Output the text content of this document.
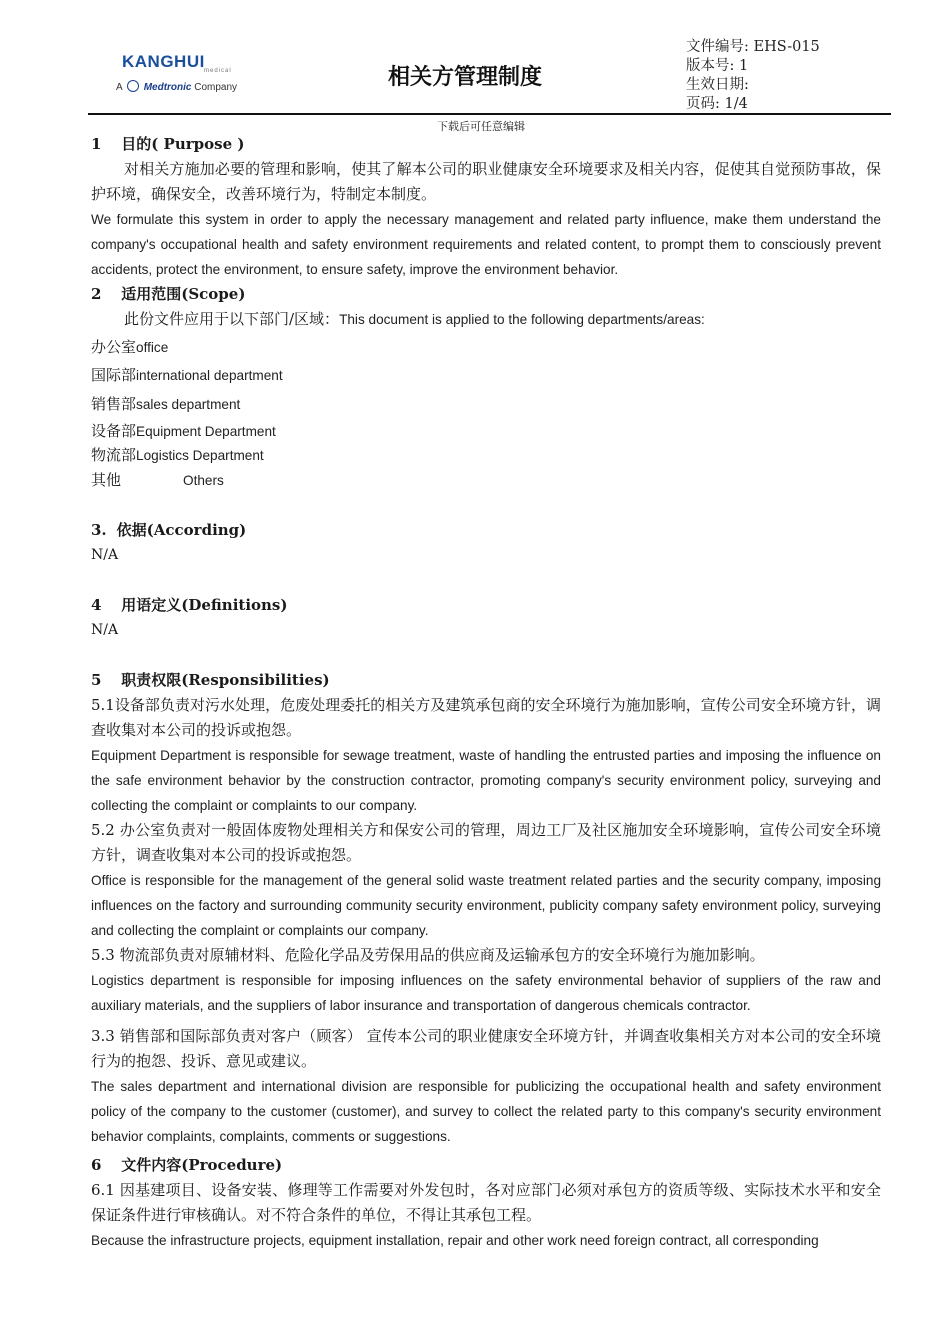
KANGHUI medical
A Medtronic Company	相关方管理制度
文件编号: EHS-015
版本号: 1
生效日期:
页码: 1/4
下载后可任意编辑
1 目的( Purpose )
对相关方施加必要的管理和影响，使其了解本公司的职业健康安全环境要求及相关内容，促使其自觉预防事故，保护环境，确保安全，改善环境行为，特制定本制度。
We formulate this system in order to apply the necessary management and related party influence, make them understand the company's occupational health and safety environment requirements and related content, to prompt them to consciously prevent accidents, protect the environment, to ensure safety, improve the environment behavior.
2 适用范围(Scope)
此份文件应用于以下部门/区域：This document is applied to the following departments/areas:
办公室office
国际部international department
销售部sales department
设备部Equipment Department
物流部Logistics Department
其他	Others
3. 依据(According)
N/A
4 用语定义(Definitions)
N/A
5 职责权限(Responsibilities)
5.1设备部负责对污水处理，危废处理委托的相关方及建筑承包商的安全环境行为施加影响，宣传公司安全环境方针，调查收集对本公司的投诉或抱怨。
Equipment Department is responsible for sewage treatment, waste of handling the entrusted parties and imposing the influence on the safe environment behavior by the construction contractor, promoting company's security environment policy, surveying and collecting the complaint or complaints to our company.
5.2 办公室负责对一般固体废物处理相关方和保安公司的管理，周边工厂及社区施加安全环境影响，宣传公司安全环境方针，调查收集对本公司的投诉或抱怨。
Office is responsible for the management of the general solid waste treatment related parties and the security company, imposing influences on the factory and surrounding community security environment, publicity company safety environment policy, surveying and collecting the complaint or complaints our company.
5.3 物流部负责对原辅材料、危险化学品及劳保用品的供应商及运输承包方的安全环境行为施加影响。
Logistics department is responsible for imposing influences on the safety environmental behavior of suppliers of the raw and auxiliary materials, and the suppliers of labor insurance and transportation of dangerous chemicals contractor.
3.3 销售部和国际部负责对客户（顾客） 宣传本公司的职业健康安全环境方针，并调查收集相关方对本公司的安全环境行为的抱怨、投诉、意见或建议。
The sales department and international division are responsible for publicizing the occupational health and safety environment policy of the company to the customer (customer), and survey to collect the related party to this company's security environment behavior complaints, complaints, comments or suggestions.
6 文件内容(Procedure)
6.1 因基建项目、设备安装、修理等工作需要对外发包时，各对应部门必须对承包方的资质等级、实际技术水平和安全保证条件进行审核确认。对不符合条件的单位，不得让其承包工程。
Because the infrastructure projects, equipment installation, repair and other work need foreign contract, all corresponding
